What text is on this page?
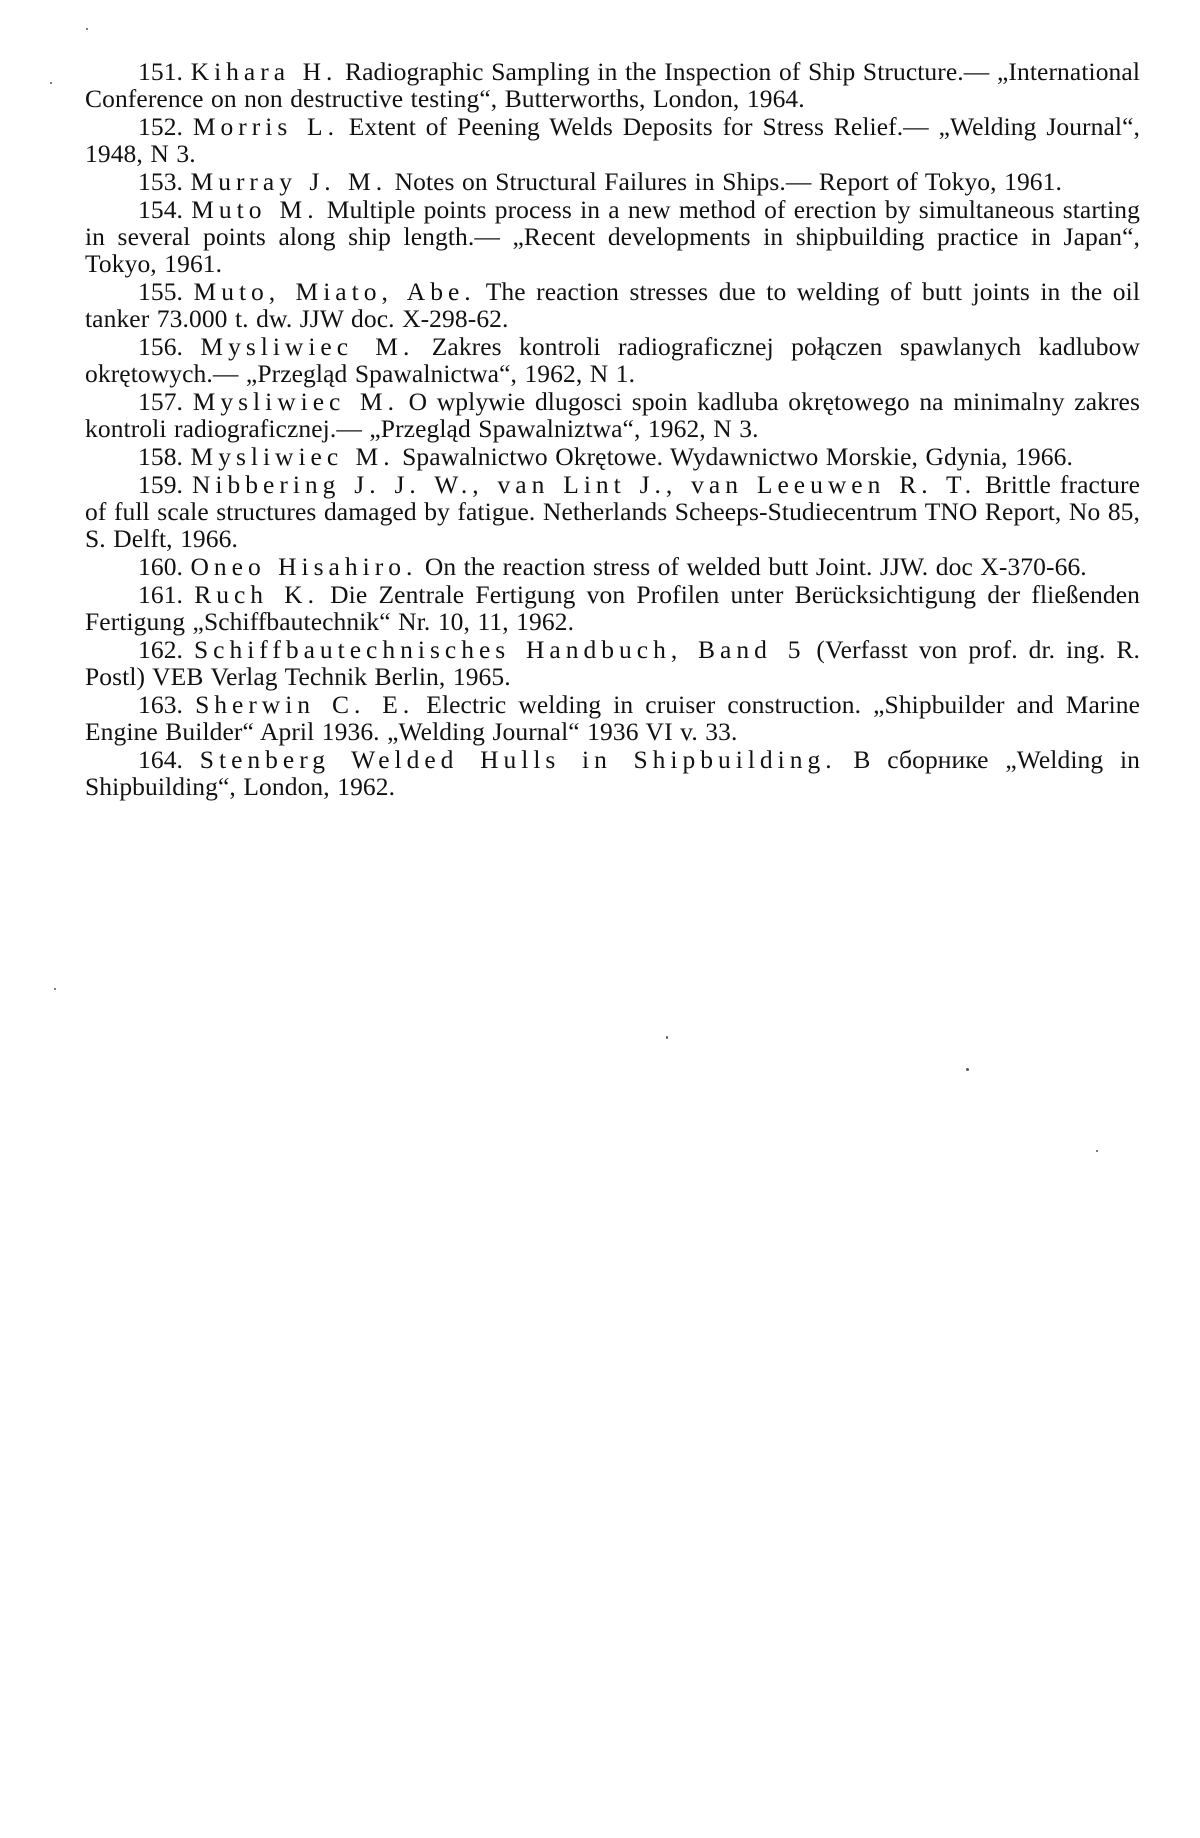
151. Kihara H. Radiographic Sampling in the Inspection of Ship Structure.— „International Conference on non destructive testing“, Butterworths, London, 1964.

152. Morris L. Extent of Peening Welds Deposits for Stress Relief.— „Welding Journal“, 1948, N 3.

153. Murray J. M. Notes on Structural Failures in Ships.— Report of Tokyo, 1961.

154. Muto M. Multiple points process in a new method of erection by simultaneous starting in several points along ship length.— „Recent developments in shipbuilding practice in Japan“, Tokyo, 1961.

155. Muto, Miato, Abe. The reaction stresses due to welding of butt joints in the oil tanker 73.000 t. dw. JJW doc. X-298-62.

156. Mysliwiec M. Zakres kontroli radiograficznej połączen spawlanych kadlubow okrętowych.— „Przegląd Spawalnictwa“, 1962, N 1.

157. Mysliwiec M. O wplywie dlugosci spoin kadluba okrętowego na minimalny zakres kontroli radiograficznej.— „Przegląd Spawalniztwa“, 1962, N 3.

158. Mysliwiec M. Spawalnictwo Okrętowe. Wydawnictwo Morskie, Gdynia, 1966.

159. Nibbering J. J. W., van Lint J., van Leeuwen R. T. Brittle fracture of full scale structures damaged by fatigue. Netherlands Scheeps-Studiecentrum TNO Report, No 85, S. Delft, 1966.

160. Oneo Hisahiro. On the reaction stress of welded butt Joint. JJW. doc X-370-66.

161. Ruch K. Die Zentrale Fertigung von Profilen unter Berücksichtigung der fließenden Fertigung „Schiffbautechnik“ Nr. 10, 11, 1962.

162. Schiffbautechnisches Handbuch, Band 5 (Verfasst von prof. dr. ing. R. Postl) VEB Verlag Technik Berlin, 1965.

163. Sherwin C. E. Electric welding in cruiser construction. „Shipbuilder and Marine Engine Builder“ April 1936. „Welding Journal“ 1936 VI v. 33.

164. Stenberg Welded Hulls in Shipbuilding. В сборнике „Welding in Shipbuilding“, London, 1962.
